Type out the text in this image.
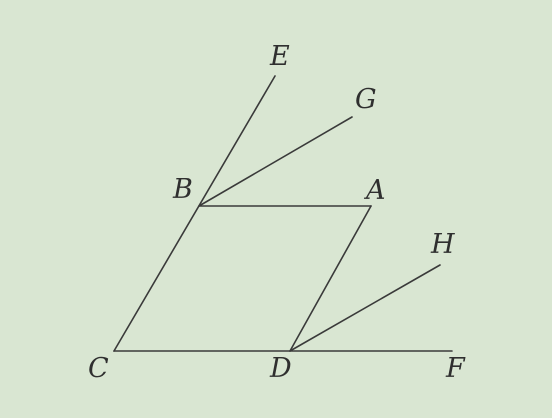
E
G
B	A
H
C	D	F
